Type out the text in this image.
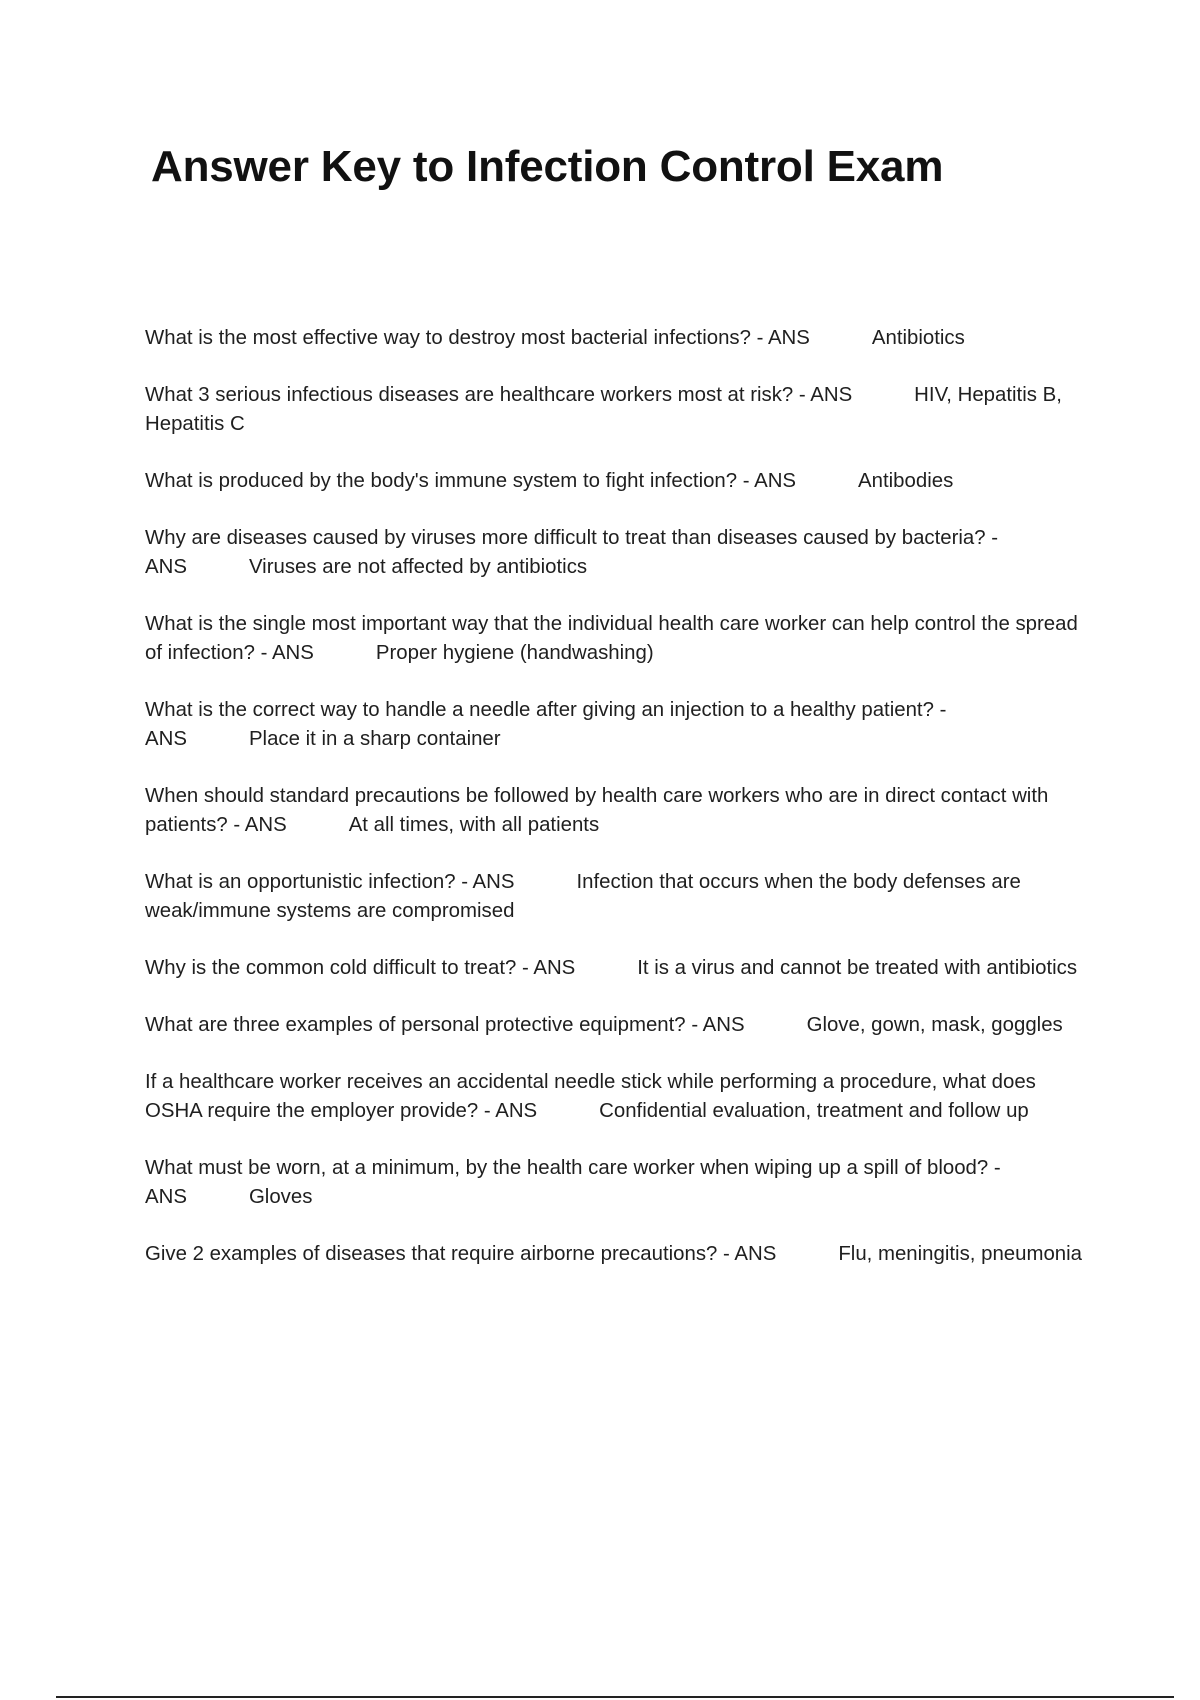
Answer Key to Infection Control Exam
What is the most effective way to destroy most bacterial infections? - ANS	Antibiotics
What 3 serious infectious diseases are healthcare workers most at risk? - ANS	HIV, Hepatitis B, Hepatitis C
What is produced by the body's immune system to fight infection? - ANS	Antibodies
Why are diseases caused by viruses more difficult to treat than diseases caused by bacteria? - ANS	Viruses are not affected by antibiotics
What is the single most important way that the individual health care worker can help control the spread of infection? - ANS	Proper hygiene (handwashing)
What is the correct way to handle a needle after giving an injection to a healthy patient? - ANS	Place it in a sharp container
When should standard precautions be followed by health care workers who are in direct contact with patients? - ANS	At all times, with all patients
What is an opportunistic infection? - ANS	Infection that occurs when the body defenses are weak/immune systems are compromised
Why is the common cold difficult to treat? - ANS	It is a virus and cannot be treated with antibiotics
What are three examples of personal protective equipment? - ANS	Glove, gown, mask, goggles
If a healthcare worker receives an accidental needle stick while performing a procedure, what does OSHA require the employer provide? - ANS	Confidential evaluation, treatment and follow up
What must be worn, at a minimum, by the health care worker when wiping up a spill of blood? - ANS	Gloves
Give 2 examples of diseases that require airborne precautions? - ANS	Flu, meningitis, pneumonia
